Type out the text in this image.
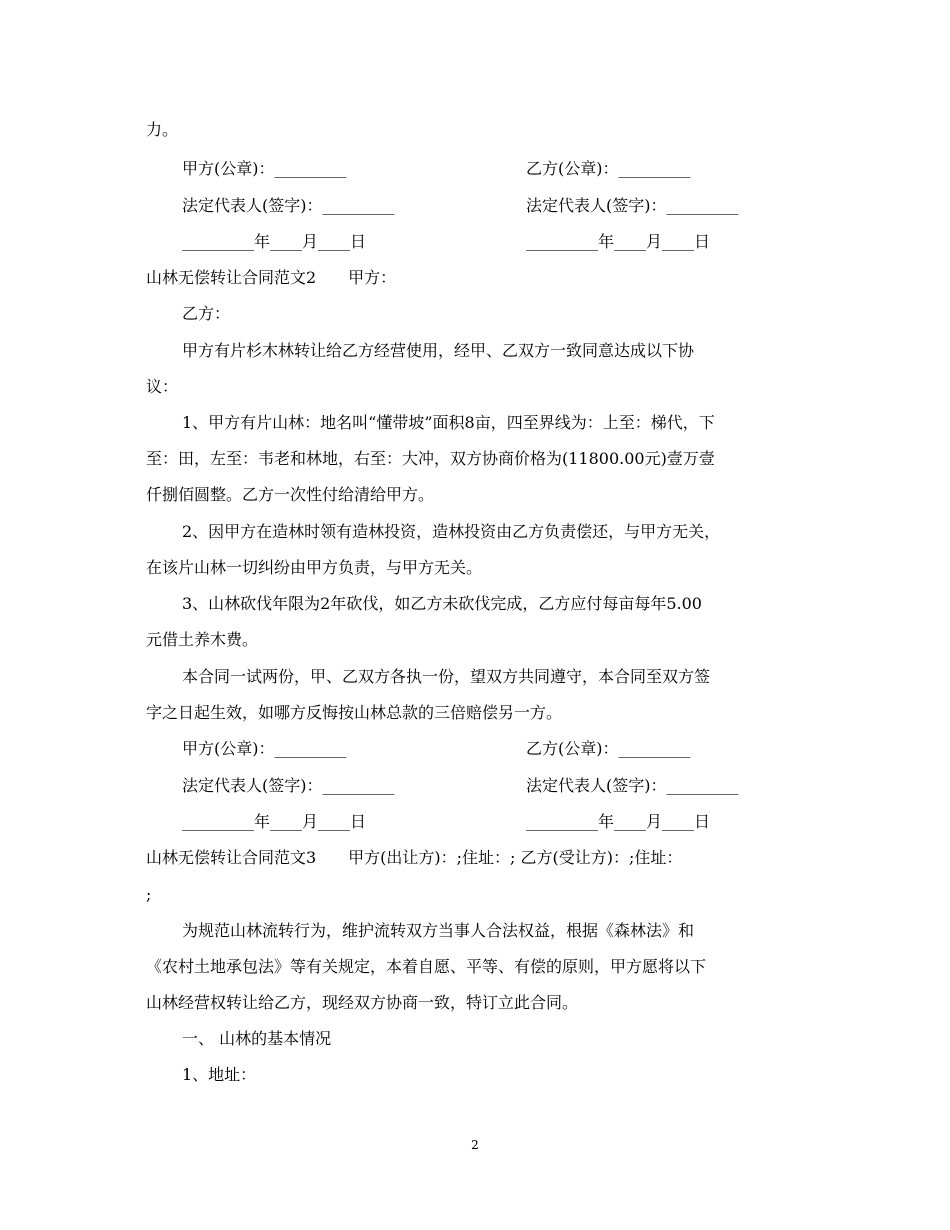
力。
甲方(公章)：_________	乙方(公章)：_________
法定代表人(签字)：_________	法定代表人(签字)：_________
_________年____月____日	_________年____月____日
山林无偿转让合同范文2　　甲方：
乙方：
甲方有片杉木林转让给乙方经营使用，经甲、乙双方一致同意达成以下协
议：
1、甲方有片山林：地名叫“懂带坡”面积8亩，四至界线为：上至：梯代，下
至：田，左至：韦老和林地，右至：大冲，双方协商价格为(11800.00元)壹万壹
仟捌佰圆整。乙方一次性付给清给甲方。
2、因甲方在造林时领有造林投资，造林投资由乙方负责偿还，与甲方无关，
在该片山林一切纠纷由甲方负责，与甲方无关。
3、山林砍伐年限为2年砍伐，如乙方未砍伐完成，乙方应付每亩每年5.00
元借土养木费。
本合同一试两份，甲、乙双方各执一份，望双方共同遵守，本合同至双方签
字之日起生效，如哪方反悔按山林总款的三倍赔偿另一方。
甲方(公章)：_________	乙方(公章)：_________
法定代表人(签字)：_________	法定代表人(签字)：_________
_________年____月____日	_________年____月____日
山林无偿转让合同范文3　　甲方(出让方)：;住址：; 乙方(受让方)：;住址：
;
为规范山林流转行为，维护流转双方当事人合法权益，根据《森林法》和
《农村土地承包法》等有关规定，本着自愿、平等、有偿的原则，甲方愿将以下
山林经营权转让给乙方，现经双方协商一致，特订立此合同。
一、 山林的基本情况
1、地址：
2
